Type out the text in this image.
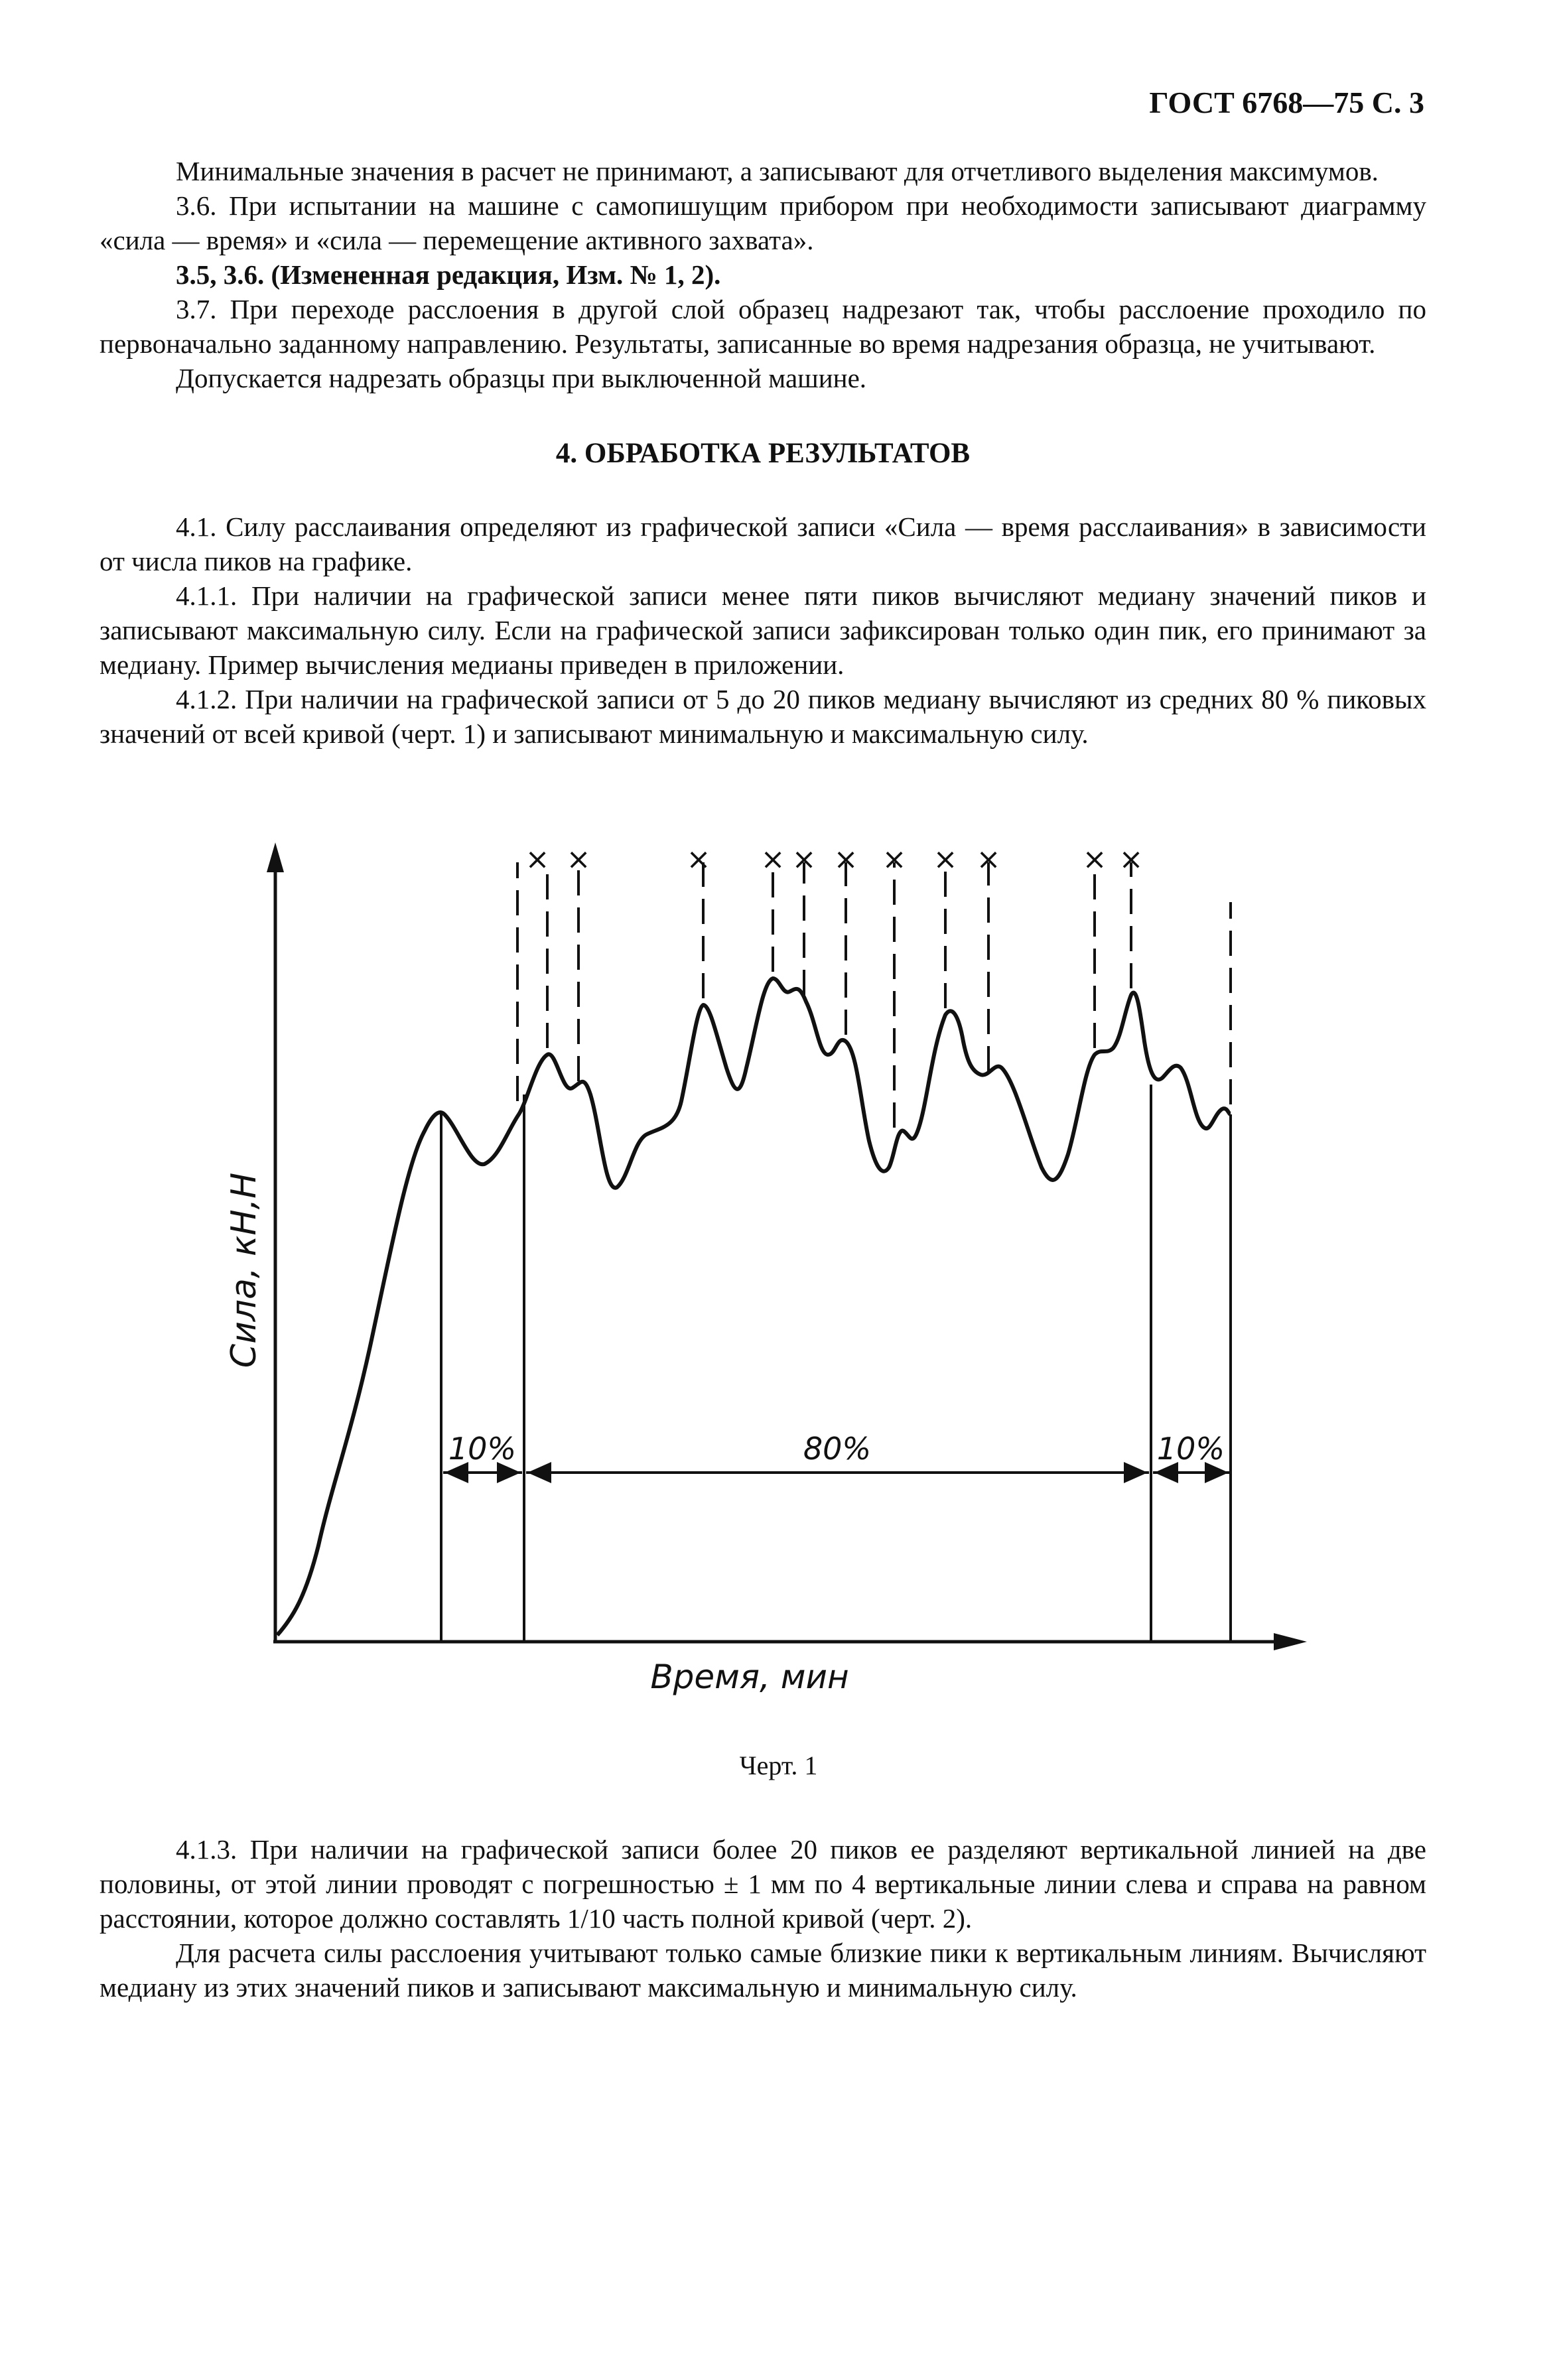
ГОСТ 6768—75 С. 3

Минимальные значения в расчет не принимают, а записывают для отчетливого выделения максимумов.

3.6. При испытании на машине с самопишущим прибором при необходимости записывают диаграмму «сила — время» и «сила — перемещение активного захвата».

3.5, 3.6. (Измененная редакция, Изм. № 1, 2).

3.7. При переходе расслоения в другой слой образец надрезают так, чтобы расслоение проходило по первоначально заданному направлению. Результаты, записанные во время надрезания образца, не учитывают.

Допускается надрезать образцы при выключенной машине.

4. ОБРАБОТКА РЕЗУЛЬТАТОВ

4.1. Силу расслаивания определяют из графической записи «Сила — время расслаивания» в зависимости от числа пиков на графике.

4.1.1. При наличии на графической записи менее пяти пиков вычисляют медиану значений пиков и записывают максимальную силу. Если на графической записи зафиксирован только один пик, его принимают за медиану. Пример вычисления медианы приведен в приложении.

4.1.2. При наличии на графической записи от 5 до 20 пиков медиану вычисляют из средних 80 % пиковых значений от всей кривой (черт. 1) и записывают минимальную и максимальную силу.

× ×	× × × × × × ×	× ×
10%	80%	10%
Сила, кН,Н
Время, мин
Черт. 1

4.1.3. При наличии на графической записи более 20 пиков ее разделяют вертикальной линией на две половины, от этой линии проводят с погрешностью ± 1 мм по 4 вертикальные линии слева и справа на равном расстоянии, которое должно составлять 1/10 часть полной кривой (черт. 2).

Для расчета силы расслоения учитывают только самые близкие пики к вертикальным линиям. Вычисляют медиану из этих значений пиков и записывают максимальную и минимальную силу.
